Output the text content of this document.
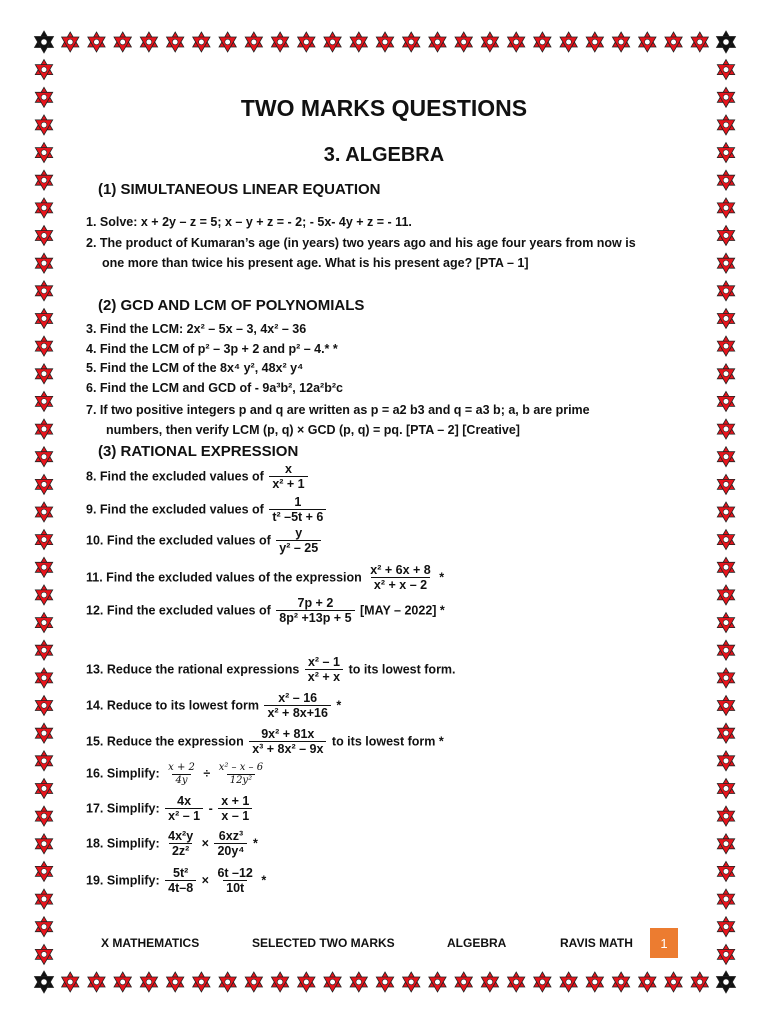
TWO MARKS QUESTIONS
3. ALGEBRA
(1) SIMULTANEOUS LINEAR EQUATION
1. Solve: x + 2y – z = 5; x – y + z = - 2; - 5x- 4y + z = - 11.
2. The product of Kumaran’s age (in years) two years ago and his age four years from now is
one more than twice his present age. What is his present age? [PTA – 1]
(2) GCD AND LCM OF POLYNOMIALS
3. Find the LCM: 2x² – 5x – 3, 4x² – 36
4. Find the LCM of p² – 3p + 2 and p² – 4.* *
5. Find the LCM of the 8x⁴ y², 48x² y⁴
6. Find the LCM and GCD of - 9a³b², 12a²b²c
7. If two positive integers p and q are written as p = a2 b3 and q = a3 b; a, b are prime
numbers, then verify LCM (p, q) × GCD (p, q) = pq. [PTA – 2] [Creative]
(3) RATIONAL EXPRESSION
8. Find the excluded values of $\frac{x}{\text{x² + 1}}$
9. Find the excluded values of $\frac{1}{\text{t² –5t + 6}}$
10. Find the excluded values of $\frac{y}{\text{y² – 25}}$
11. Find the excluded values of the expression $\frac{\text{x² + 6x + 8}}{\text{x² + x – 2}}$ *
12. Find the excluded values of $\frac{7p + 2}{\text{8p² +13p + 5}} [MAY - 2022]$ *
13. Reduce the rational expressions $\frac{\text{x² – 1}}{\text{x² + x}}$ to its lowest form.
14. Reduce to its lowest form $\frac{\text{x² – 16}}{\text{x² + 8x+16}}$ *
15. Reduce the expression $\frac{\text{9x² + 81x}}{\text{x³ + 8x² – 9x}}$ to its lowest form *
16. Simplify: $\frac{x + 2}{4y} \div \frac{\text{x² – x – 6}}{\text{12y²}}$
17. Simplify: $\frac{4x}{\text{x² – 1}} - \frac{x + 1}{x - 1}$
18. Simplify: $\frac{\text{4x²y}}{\text{2z²}} \times \frac{\text{6xz³}}{\text{20y⁴}}$ *
19. Simplify: $\frac{\text{5t²}}{4t-8} \times \frac{6t -12}{10t}$ *
X MATHEMATICS	SELECTED TWO MARKS	ALGEBRA	RAVIS MATH	1
